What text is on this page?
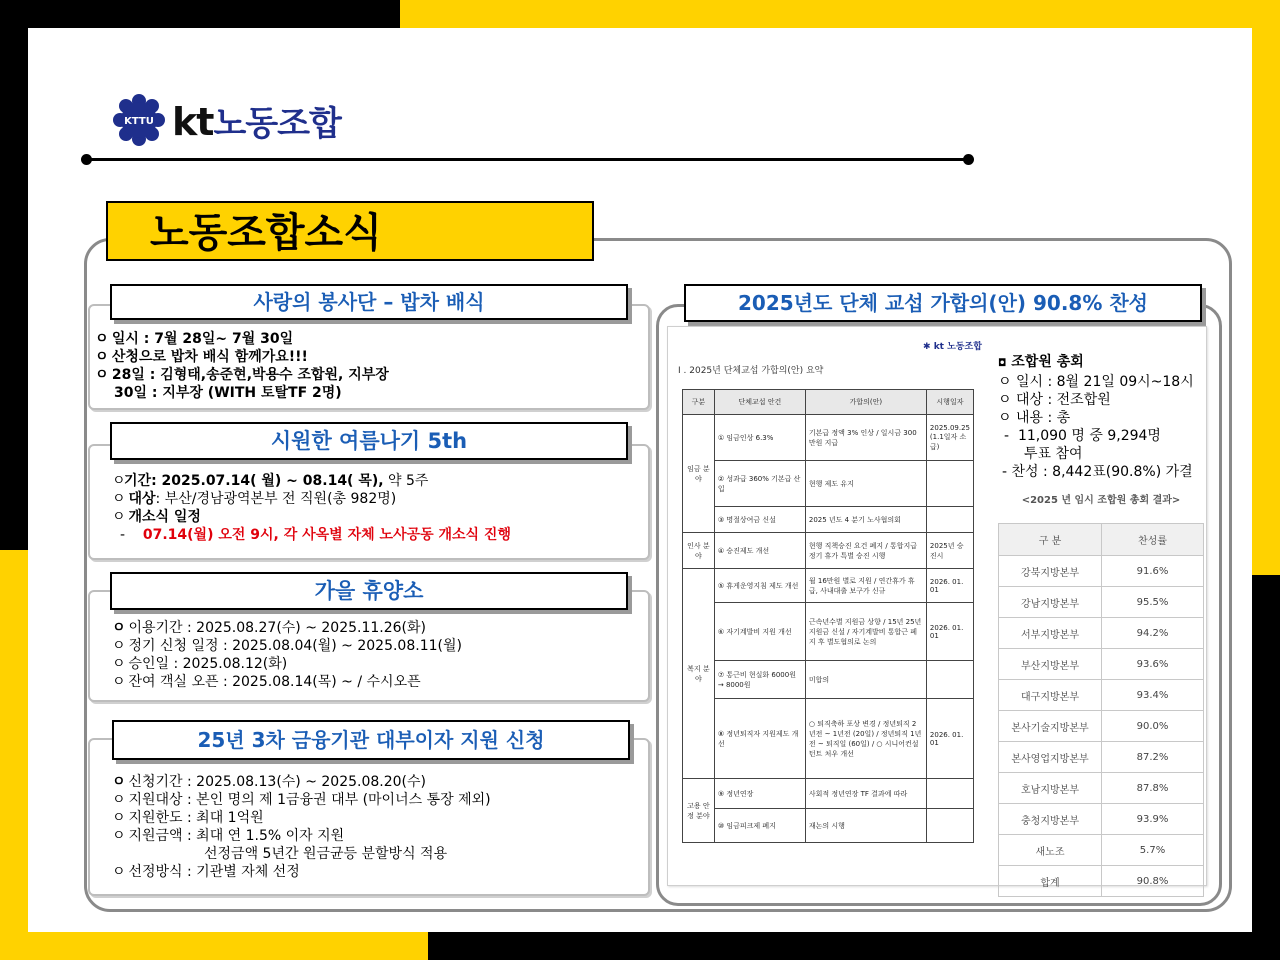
KTTU kt노동조합
노동조합소식
사랑의 봉사단 – 밥차 배식
ㅇ 일시 : 7월 28일~ 7월 30일
ㅇ 산청으로 밥차 배식 함께가요!!!
ㅇ 28일 : 김형태,송준현,박용수 조합원, 지부장
30일 : 지부장 (WITH 토탈TF 2명)
시원한 여름나기 5th
ㅇ기간: 2025.07.14( 월) ~ 08.14( 목), 약 5주
ㅇ 대상: 부산/경남광역본부 전 직원(총 982명)
ㅇ 개소식 일정
- 07.14(월) 오전 9시, 각 사옥별 자체 노사공동 개소식 진행
가을 휴양소
ㅇ 이용기간 : 2025.08.27(수) ~ 2025.11.26(화)
ㅇ 정기 신청 일정 : 2025.08.04(월) ~ 2025.08.11(월)
ㅇ 승인일 : 2025.08.12(화)
ㅇ 잔여 객실 오픈 : 2025.08.14(목) ~ / 수시오픈
25년 3차 금융기관 대부이자 지원 신청
ㅇ 신청기간 : 2025.08.13(수) ~ 2025.08.20(수)
ㅇ 지원대상 : 본인 명의 제 1금융권 대부 (마이너스 통장 제외)
ㅇ 지원한도 : 최대 1억원
ㅇ 지원금액 : 최대 연 1.5% 이자 지원
선정금액 5년간 원금균등 분할방식 적용
ㅇ 선정방식 : 기관별 자체 선정
2025년도 단체 교섭 가합의(안) 90.8% 찬성
✱ kt 노동조합
I . 2025년 단체교섭 가합의(안) 요약
구분	단체교섭 안건	가합의(안)	시행일자
임금 분야	① 임금인상 6.3%	기본급 정액 3% 인상 / 일시금 300만원 지급	2025.09.25 (1.1일자 소급)
	② 성과급 360% 기본급 산입	현행 제도 유지	
	③ 명절상여금 신설	2025 년도 4 분기 노사협의회	
인사 분야	④ 승진제도 개선	현행 직책승진 요건 폐지 / 통합지급 정기 휴가 특별 승진 시행	2025년 승진시
복지 분야	⑤ 휴게운영지침 제도 개선	월 16만원 별로 지원 / 연간휴가 휴급, 사내대출 보구가 신규	2026. 01. 01
	⑥ 자기계발비 지원 개선	근속년수별 지원금 상향 / 15년 25년 지원금 신설 / 자기계발비 통합근 페지 후 별도협의로 논의	2026. 01. 01
	⑦ 통근비 현실화 6000원 → 8000원	미합의	
	⑧ 정년퇴직자 지원제도 개선	○ 퇴직축하 포상 변경 / 정년퇴직 2년전 ~ 1년전 (20일) / 정년퇴직 1년전 ~ 퇴직일 (60일) / ○ 시니어컨설턴트 처우 개선	2026. 01. 01
고용 안정 분야	⑨ 정년연장	사회적 정년연장 TF 결과에 따라	
	⑩ 임금피크제 폐지	재논의 시행	
◘ 조합원 총회
ㅇ 일시 : 8월 21일 09시~18시
ㅇ 대상 : 전조합원
ㅇ 내용 : 총
-  11,090 명 중 9,294명
투표 참여
- 찬성 : 8,442표(90.8%) 가결
<2025 년 임시 조합원 총회 결과>
구 분	찬성률
강북지방본부	91.6%
강남지방본부	95.5%
서부지방본부	94.2%
부산지방본부	93.6%
대구지방본부	93.4%
본사기술지방본부	90.0%
본사영업지방본부	87.2%
호남지방본부	87.8%
충청지방본부	93.9%
새노조	5.7%
합계	90.8%
